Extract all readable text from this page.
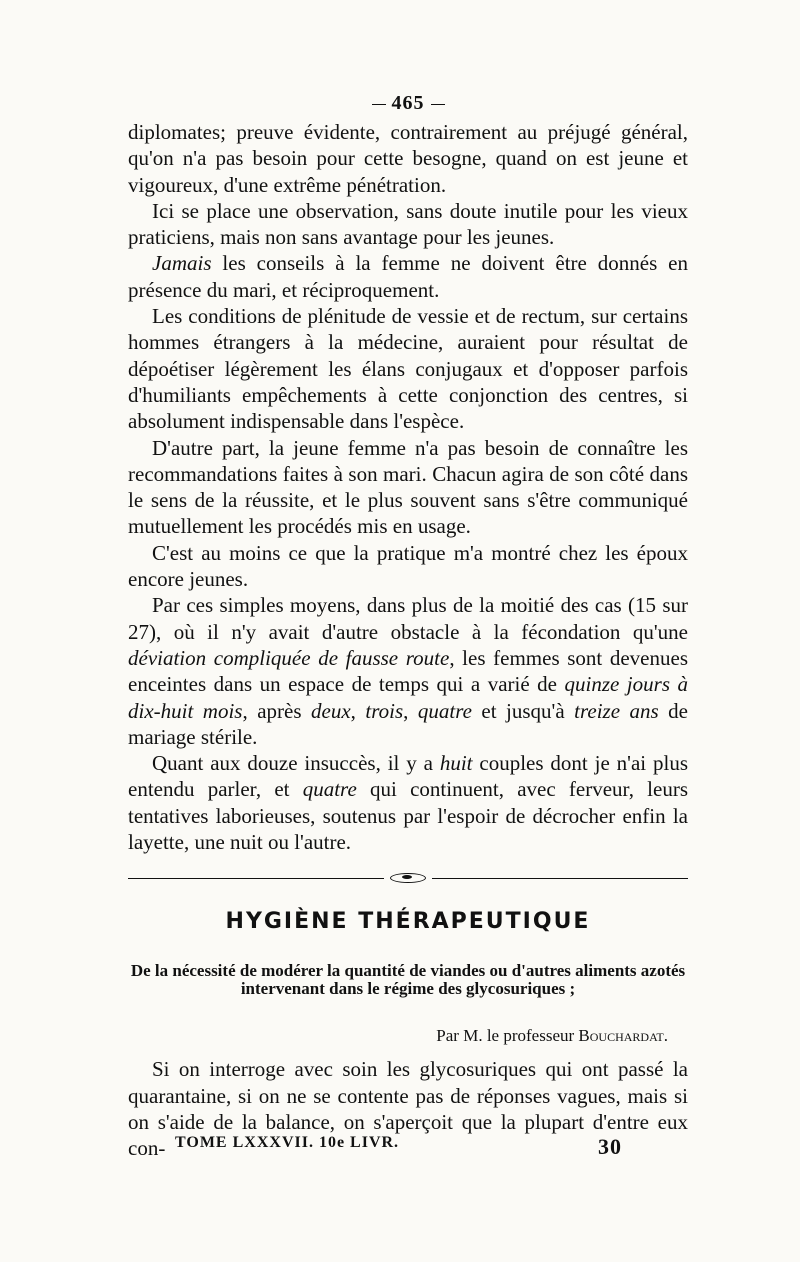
465

diplomates; preuve évidente, contrairement au préjugé général, qu'on n'a pas besoin pour cette besogne, quand on est jeune et vigoureux, d'une extrême pénétration.

Ici se place une observation, sans doute inutile pour les vieux praticiens, mais non sans avantage pour les jeunes.

Jamais les conseils à la femme ne doivent être donnés en présence du mari, et réciproquement.

Les conditions de plénitude de vessie et de rectum, sur certains hommes étrangers à la médecine, auraient pour résultat de dépoétiser légèrement les élans conjugaux et d'opposer parfois d'humiliants empêchements à cette conjonction des centres, si absolument indispensable dans l'espèce.

D'autre part, la jeune femme n'a pas besoin de connaître les recommandations faites à son mari. Chacun agira de son côté dans le sens de la réussite, et le plus souvent sans s'être communiqué mutuellement les procédés mis en usage.

C'est au moins ce que la pratique m'a montré chez les époux encore jeunes.

Par ces simples moyens, dans plus de la moitié des cas (15 sur 27), où il n'y avait d'autre obstacle à la fécondation qu'une déviation compliquée de fausse route, les femmes sont devenues enceintes dans un espace de temps qui a varié de quinze jours à dix-huit mois, après deux, trois, quatre et jusqu'à treize ans de mariage stérile.

Quant aux douze insuccès, il y a huit couples dont je n'ai plus entendu parler, et quatre qui continuent, avec ferveur, leurs tentatives laborieuses, soutenus par l'espoir de décrocher enfin la layette, une nuit ou l'autre.

HYGIÈNE THÉRAPEUTIQUE
De la nécessité de modérer la quantité de viandes ou d'autres aliments azotés intervenant dans le régime des glycosuriques ;
Par M. le professeur Bouchardat.

Si on interroge avec soin les glycosuriques qui ont passé la quarantaine, si on ne se contente pas de réponses vagues, mais si on s'aide de la balance, on s'aperçoit que la plupart d'entre eux con- TOME LXXXVII. 10e LIVR.	30
